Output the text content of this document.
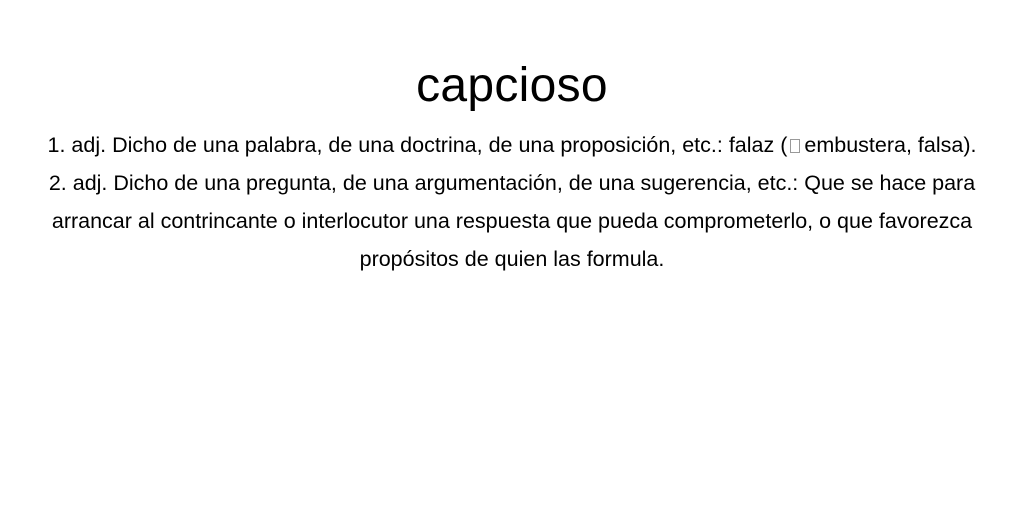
capcioso

1. adj. Dicho de una palabra, de una doctrina, de una proposición, etc.: falaz ( embustera, falsa).

2. adj. Dicho de una pregunta, de una argumentación, de una sugerencia, etc.: Que se hace para arrancar al contrincante o interlocutor una respuesta que pueda comprometerlo, o que favorezca propósitos de quien las formula.
